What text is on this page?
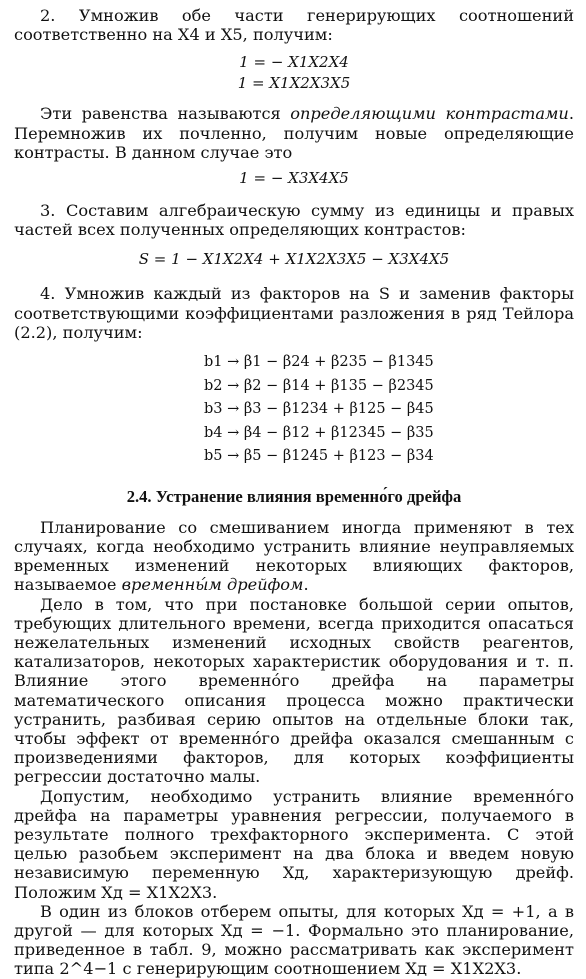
2. Умножив обе части генерирующих соотношений соответственно на X4 и X5, получим:

1 = − X1X2X4
1 = X1X2X3X5

Эти равенства называются определяющими контрастами. Перемножив их почленно, получим новые определяющие контрасты. В данном случае это

1 = − X3X4X5

3. Составим алгебраическую сумму из единицы и правых частей всех полученных определяющих контрастов:

S = 1 − X1X2X4 + X1X2X3X5 − X3X4X5

4. Умножив каждый из факторов на S и заменив факторы соответствующими коэффициентами разложения в ряд Тейлора (2.2), получим:

b1 → β1 − β24 + β235 − β1345
b2 → β2 − β14 + β135 − β2345
b3 → β3 − β1234 + β125 − β45
b4 → β4 − β12 + β12345 − β35
b5 → β5 − β1245 + β123 − β34
2.4. Устранение влияния временно́го дрейфа

Планирование со смешиванием иногда применяют в тех случаях, когда необходимо устранить влияние неуправляемых временных изменений некоторых влияющих факторов, называемое временны́м дрейфом.

Дело в том, что при постановке большой серии опытов, требующих длительного времени, всегда приходится опасаться нежелательных изменений исходных свойств реагентов, катализаторов, некоторых характеристик оборудования и т. п. Влияние этого временно́го дрейфа на параметры математического описания процесса можно практически устранить, разбивая серию опытов на отдельные блоки так, чтобы эффект от временно́го дрейфа оказался смешанным с произведениями факторов, для которых коэффициенты регрессии достаточно малы.

Допустим, необходимо устранить влияние временно́го дрейфа на параметры уравнения регрессии, получаемого в результате полного трехфакторного эксперимента. С этой целью разобьем эксперимент на два блока и введем новую независимую переменную Xд, характеризующую дрейф. Положим Xд = X1X2X3.

В один из блоков отберем опыты, для которых Xд = +1, а в другой — для которых Xд = −1. Формально это планирование, приведенное в табл. 9, можно рассматривать как эксперимент типа 2^4−1 с генерирующим соотношением Xд = X1X2X3.
